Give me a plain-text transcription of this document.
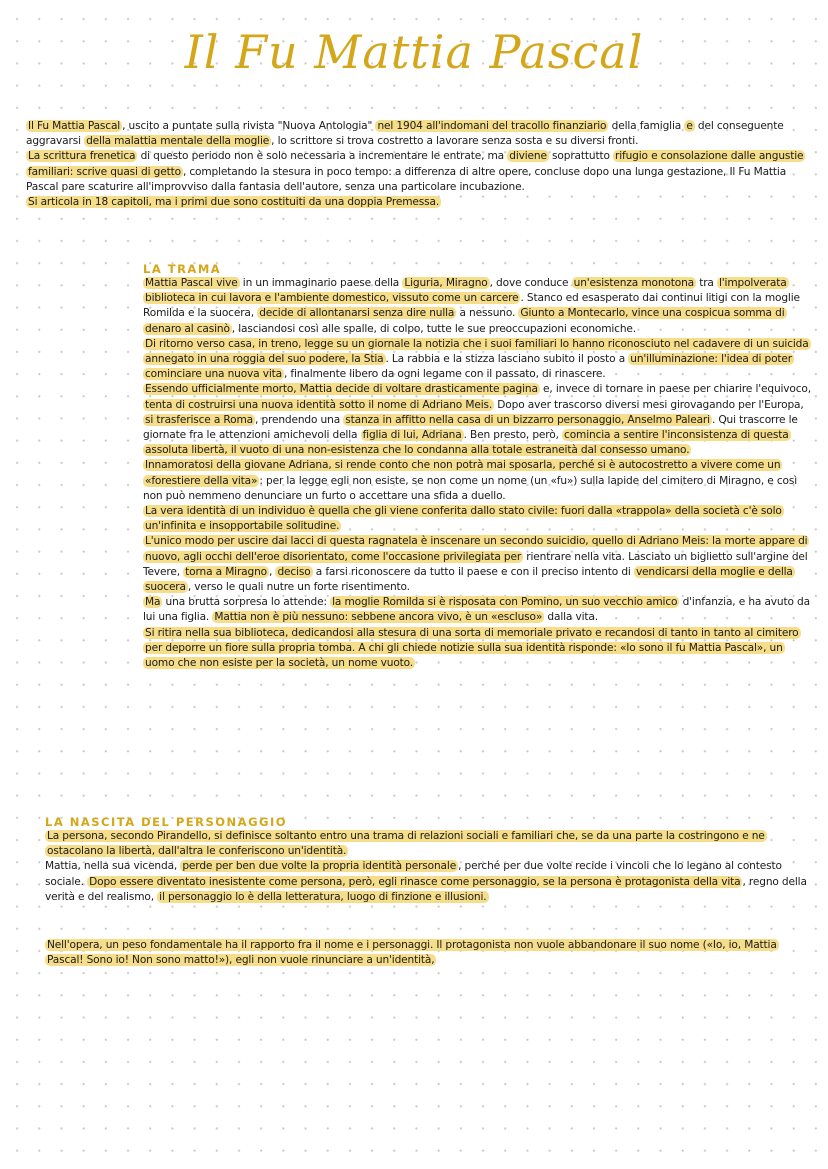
Il Fu Mattia Pascal

Il Fu Mattia Pascal , uscito a puntate sulla rivista "Nuova Antologia" nel 1904 all'indomani del tracollo finanziario della famiglia e del conseguente aggravarsi della malattia mentale della moglie , lo scrittore si trova costretto a lavorare senza sosta e su diversi fronti.

La scrittura frenetica di questo periodo non è solo necessaria a incrementare le entrate, ma diviene soprattutto rifugio e consolazione dalle angustie familiari: scrive quasi di getto , completando la stesura in poco tempo: a differenza di altre opere, concluse dopo una lunga gestazione, Il Fu Mattia Pascal pare scaturire all'improvviso dalla fantasia dell'autore, senza una particolare incubazione.

Si articola in 18 capitoli, ma i primi due sono costituiti da una doppia Premessa.

LA TRAMA

Mattia Pascal vive in un immaginario paese della Liguria, Miragno , dove conduce un'esistenza monotona tra l'impolverata biblioteca in cui lavora e l'ambiente domestico, vissuto come un carcere . Stanco ed esasperato dai continui litigi con la moglie Romilda e la suocera, decide di allontanarsi senza dire nulla a nessuno. Giunto a Montecarlo, vince una cospicua somma di denaro al casinò , lasciandosi così alle spalle, di colpo, tutte le sue preoccupazioni economiche.

Di ritorno verso casa, in treno, legge su un giornale la notizia che i suoi familiari lo hanno riconosciuto nel cadavere di un suicida annegato in una roggia del suo podere, la Stia . La rabbia e la stizza lasciano subito il posto a un'illuminazione: l'idea di poter cominciare una nuova vita , finalmente libero da ogni legame con il passato, di rinascere.

Essendo ufficialmente morto, Mattia decide di voltare drasticamente pagina e, invece di tornare in paese per chiarire l'equivoco, tenta di costruirsi una nuova identità sotto il nome di Adriano Meis. Dopo aver trascorso diversi mesi girovagando per l'Europa, si trasferisce a Roma , prendendo una stanza in affitto nella casa di un bizzarro personaggio, Anselmo Paleari . Qui trascorre le giornate fra le attenzioni amichevoli della figlia di lui, Adriana . Ben presto, però, comincia a sentire l'inconsistenza di questa assoluta libertà, il vuoto di una non-esistenza che lo condanna alla totale estraneità dal consesso umano.

Innamoratosi della giovane Adriana, si rende conto che non potrà mai sposarla, perché si è autocostretto a vivere come un «forestiere della vita» : per la legge egli non esiste, se non come un nome (un «fu») sulla lapide del cimitero di Miragno, e così non può nemmeno denunciare un furto o accettare una sfida a duello.

La vera identità di un individuo è quella che gli viene conferita dallo stato civile: fuori dalla «trappola» della società c'è solo un'infinita e insopportabile solitudine.

L'unico modo per uscire dai lacci di questa ragnatela è inscenare un secondo suicidio, quello di Adriano Meis: la morte appare di nuovo, agli occhi dell'eroe disorientato, come l'occasione privilegiata per rientrare nella vita. Lasciato un biglietto sull'argine del Tevere, torna a Miragno , deciso a farsi riconoscere da tutto il paese e con il preciso intento di vendicarsi della moglie e della suocera , verso le quali nutre un forte risentimento.

Ma una brutta sorpresa lo attende: la moglie Romilda si è risposata con Pomino, un suo vecchio amico d'infanzia, e ha avuto da lui una figlia. Mattia non è più nessuno: sebbene ancora vivo, è un «escluso» dalla vita.

Si ritira nella sua biblioteca, dedicandosi alla stesura di una sorta di memoriale privato e recandosi di tanto in tanto al cimitero per deporre un fiore sulla propria tomba. A chi gli chiede notizie sulla sua identità risponde: «Io sono il fu Mattia Pascal», un uomo che non esiste per la società, un nome vuoto.

LA NASCITA DEL PERSONAGGIO

La persona, secondo Pirandello, si definisce soltanto entro una trama di relazioni sociali e familiari che, se da una parte la costringono e ne ostacolano la libertà, dall'altra le conferiscono un'identità.

Mattia, nella sua vicenda, perde per ben due volte la propria identità personale , perché per due volte recide i vincoli che lo legano al contesto sociale. Dopo essere diventato inesistente come persona, però, egli rinasce come personaggio, se la persona è protagonista della vita , regno della verità e del realismo, il personaggio lo è della letteratura, luogo di finzione e illusioni.

Nell'opera, un peso fondamentale ha il rapporto fra il nome e i personaggi. Il protagonista non vuole abbandonare il suo nome («Io, io, Mattia Pascal! Sono io! Non sono matto!»), egli non vuole rinunciare a un'identità,
